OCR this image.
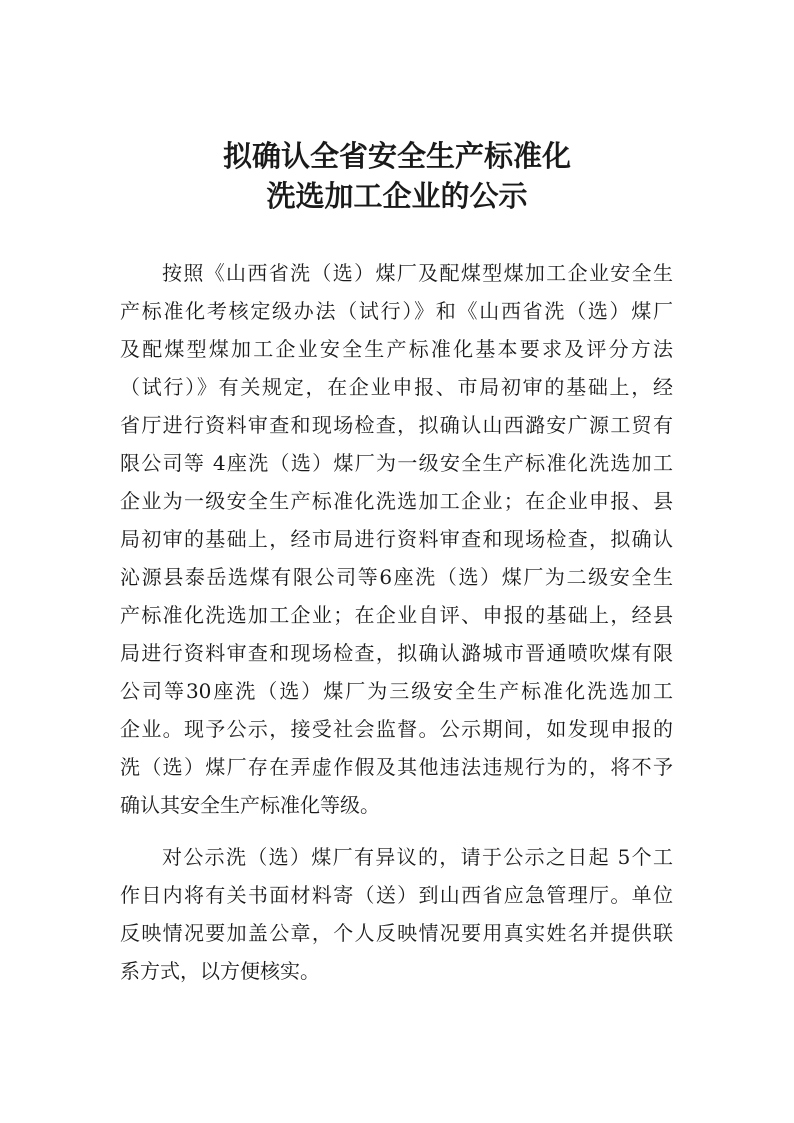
拟确认全省安全生产标准化
洗选加工企业的公示
按照《山西省洗（选）煤厂及配煤型煤加工企业安全生
产标准化考核定级办法（试行）》和《山西省洗（选）煤厂
及配煤型煤加工企业安全生产标准化基本要求及评分方法
（试行）》有关规定，在企业申报、市局初审的基础上，经
省厅进行资料审查和现场检查，拟确认山西潞安广源工贸有
限公司等 4座洗（选）煤厂为一级安全生产标准化洗选加工
企业为一级安全生产标准化洗选加工企业；在企业申报、县
局初审的基础上，经市局进行资料审查和现场检查，拟确认
沁源县泰岳选煤有限公司等6座洗（选）煤厂为二级安全生
产标准化洗选加工企业；在企业自评、申报的基础上，经县
局进行资料审查和现场检查，拟确认潞城市晋通喷吹煤有限
公司等30座洗（选）煤厂为三级安全生产标准化洗选加工
企业。现予公示，接受社会监督。公示期间，如发现申报的
洗（选）煤厂存在弄虚作假及其他违法违规行为的，将不予
确认其安全生产标准化等级。
对公示洗（选）煤厂有异议的，请于公示之日起 5个工
作日内将有关书面材料寄（送）到山西省应急管理厅。单位
反映情况要加盖公章，个人反映情况要用真实姓名并提供联
系方式，以方便核实。
